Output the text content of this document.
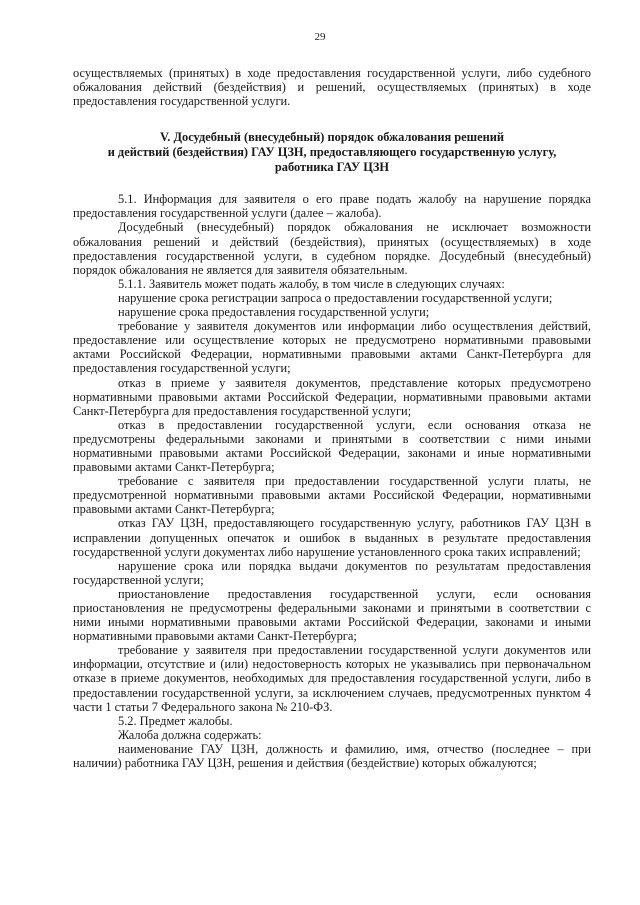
29

осуществляемых (принятых) в ходе предоставления государственной услуги, либо судебного обжалования действий (бездействия) и решений, осуществляемых (принятых) в ходе предоставления государственной услуги.

V. Досудебный (внесудебный) порядок обжалования решений
и действий (бездействия) ГАУ ЦЗН, предоставляющего государственную услугу,
работника ГАУ ЦЗН

5.1. Информация для заявителя о его праве подать жалобу на нарушение порядка предоставления государственной услуги (далее – жалоба).

Досудебный (внесудебный) порядок обжалования не исключает возможности обжалования решений и действий (бездействия), принятых (осуществляемых) в ходе предоставления государственной услуги, в судебном порядке. Досудебный (внесудебный) порядок обжалования не является для заявителя обязательным.

5.1.1. Заявитель может подать жалобу, в том числе в следующих случаях:

нарушение срока регистрации запроса о предоставлении государственной услуги;

нарушение срока предоставления государственной услуги;

требование у заявителя документов или информации либо осуществления действий, предоставление или осуществление которых не предусмотрено нормативными правовыми актами Российской Федерации, нормативными правовыми актами Санкт-Петербурга для предоставления государственной услуги;

отказ в приеме у заявителя документов, представление которых предусмотрено нормативными правовыми актами Российской Федерации, нормативными правовыми актами Санкт-Петербурга для предоставления государственной услуги;

отказ в предоставлении государственной услуги, если основания отказа не предусмотрены федеральными законами и принятыми в соответствии с ними иными нормативными правовыми актами Российской Федерации, законами и иные нормативными правовыми актами Санкт-Петербурга;

требование с заявителя при предоставлении государственной услуги платы, не предусмотренной нормативными правовыми актами Российской Федерации, нормативными правовыми актами Санкт-Петербурга;

отказ ГАУ ЦЗН, предоставляющего государственную услугу, работников ГАУ ЦЗН в исправлении допущенных опечаток и ошибок в выданных в результате предоставления государственной услуги документах либо нарушение установленного срока таких исправлений;

нарушение срока или порядка выдачи документов по результатам предоставления государственной услуги;

приостановление предоставления государственной услуги, если основания приостановления не предусмотрены федеральными законами и принятыми в соответствии с ними иными нормативными правовыми актами Российской Федерации, законами и иными нормативными правовыми актами Санкт-Петербурга;

требование у заявителя при предоставлении государственной услуги документов или информации, отсутствие и (или) недостоверность которых не указывались при первоначальном отказе в приеме документов, необходимых для предоставления государственной услуги, либо в предоставлении государственной услуги, за исключением случаев, предусмотренных пунктом 4 части 1 статьи 7 Федерального закона № 210-ФЗ.

5.2. Предмет жалобы.

Жалоба должна содержать:

наименование ГАУ ЦЗН, должность и фамилию, имя, отчество (последнее – при наличии) работника ГАУ ЦЗН, решения и действия (бездействие) которых обжалуются;
